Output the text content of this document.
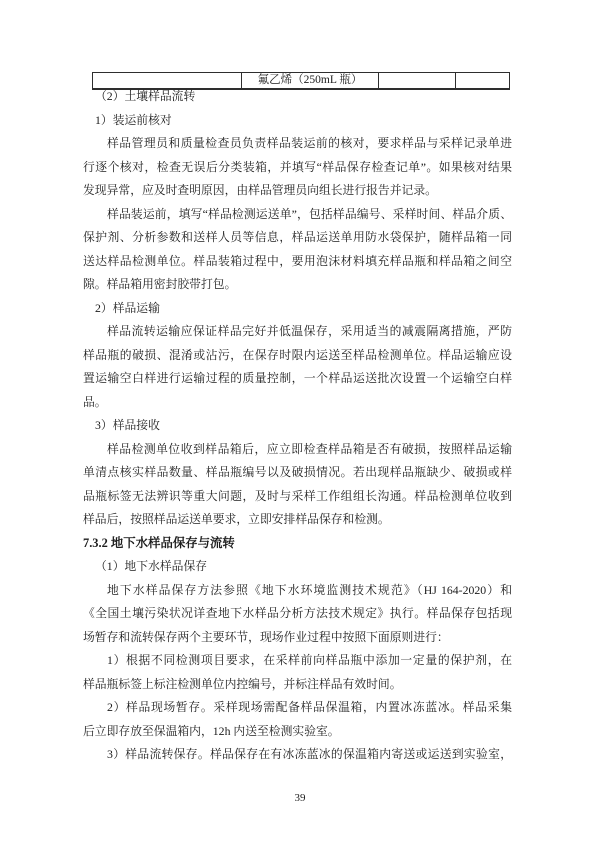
氟乙烯（250mL 瓶）
（2）土壤样品流转
1）装运前核对
样品管理员和质量检查员负责样品装运前的核对，要求样品与采样记录单进
行逐个核对，检查无误后分类装箱，并填写“样品保存检查记单”。如果核对结果
发现异常，应及时查明原因，由样品管理员向组长进行报告并记录。
样品装运前，填写“样品检测运送单”，包括样品编号、采样时间、样品介质、
保护剂、分析参数和送样人员等信息，样品运送单用防水袋保护，随样品箱一同
送达样品检测单位。样品装箱过程中，要用泡沫材料填充样品瓶和样品箱之间空
隙。样品箱用密封胶带打包。
2）样品运输
样品流转运输应保证样品完好并低温保存，采用适当的减震隔离措施，严防
样品瓶的破损、混淆或沾污，在保存时限内运送至样品检测单位。样品运输应设
置运输空白样进行运输过程的质量控制，一个样品运送批次设置一个运输空白样
品。
3）样品接收
样品检测单位收到样品箱后，应立即检查样品箱是否有破损，按照样品运输
单清点核实样品数量、样品瓶编号以及破损情况。若出现样品瓶缺少、破损或样
品瓶标签无法辨识等重大问题，及时与采样工作组组长沟通。样品检测单位收到
样品后，按照样品运送单要求，立即安排样品保存和检测。
7.3.2 地下水样品保存与流转
（1）地下水样品保存
地下水样品保存方法参照《地下水环境监测技术规范》（HJ 164-2020）和
《全国土壤污染状况详查地下水样品分析方法技术规定》执行。样品保存包括现
场暂存和流转保存两个主要环节，现场作业过程中按照下面原则进行：
1）根据不同检测项目要求，在采样前向样品瓶中添加一定量的保护剂，在
样品瓶标签上标注检测单位内控编号，并标注样品有效时间。
2）样品现场暂存。采样现场需配备样品保温箱，内置冰冻蓝冰。样品采集
后立即存放至保温箱内，12h 内送至检测实验室。
3）样品流转保存。样品保存在有冰冻蓝冰的保温箱内寄送或运送到实验室，
39
